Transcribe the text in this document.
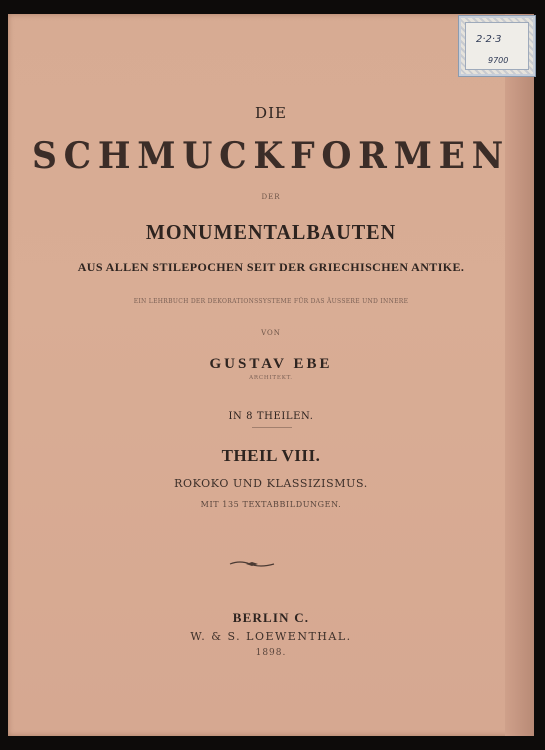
2·2·3
9700
DIE
SCHMUCKFORMEN
DER
MONUMENTALBAUTEN
AUS ALLEN STILEPOCHEN SEIT DER GRIECHISCHEN ANTIKE.
EIN LEHRBUCH DER DEKORATIONSSYSTEME FÜR DAS ÄUSSERE UND INNERE
VON
GUSTAV EBE
ARCHITEKT.
IN 8 THEILEN.
THEIL VIII.
ROKOKO UND KLASSIZISMUS.
MIT 135 TEXTABBILDUNGEN.
BERLIN C.
W. & S. LOEWENTHAL.
1898.
